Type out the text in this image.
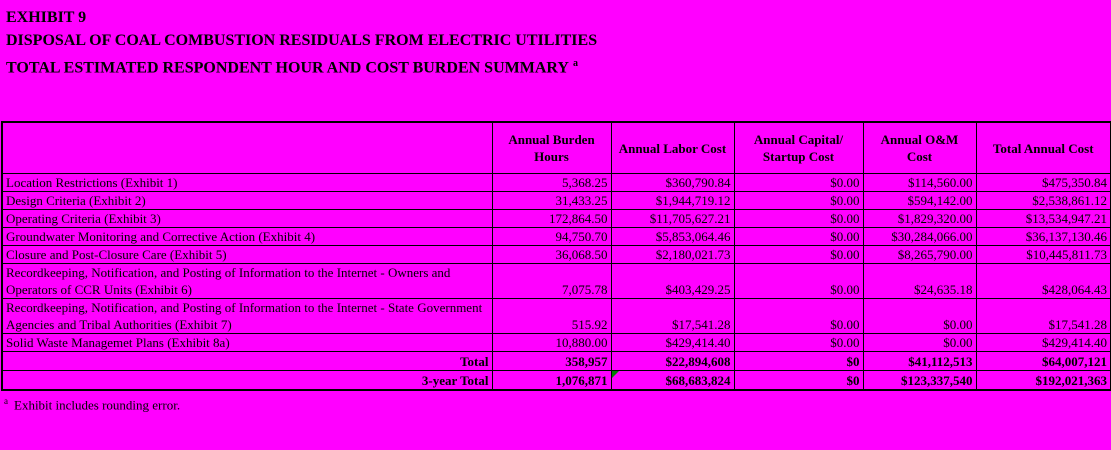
EXHIBIT 9
DISPOSAL OF COAL COMBUSTION RESIDUALS FROM ELECTRIC UTILITIES
TOTAL ESTIMATED RESPONDENT HOUR AND COST BURDEN SUMMARY $^a$
	Annual Burden Hours	Annual Labor Cost	Annual Capital/ Startup Cost	Annual O&M Cost	Total Annual Cost
Location Restrictions (Exhibit 1)	5,368.25	$360,790.84	$0.00	$114,560.00	$475,350.84
Design Criteria (Exhibit 2)	31,433.25	$1,944,719.12	$0.00	$594,142.00	$2,538,861.12
Operating Criteria (Exhibit 3)	172,864.50	$11,705,627.21	$0.00	$1,829,320.00	$13,534,947.21
Groundwater Monitoring and Corrective Action (Exhibit 4)	94,750.70	$5,853,064.46	$0.00	$30,284,066.00	$36,137,130.46
Closure and Post-Closure Care (Exhibit 5)	36,068.50	$2,180,021.73	$0.00	$8,265,790.00	$10,445,811.73
Recordkeeping, Notification, and Posting of Information to the Internet - Owners and Operators of CCR Units (Exhibit 6)	7,075.78	$403,429.25	$0.00	$24,635.18	$428,064.43
Recordkeeping, Notification, and Posting of Information to the Internet - State Government Agencies and Tribal Authorities (Exhibit 7)	515.92	$17,541.28	$0.00	$0.00	$17,541.28
Solid Waste Managemet Plans (Exhibit 8a)	10,880.00	$429,414.40	$0.00	$0.00	$429,414.40
Total	358,957	$22,894,608	$0	$41,112,513	$64,007,121
3-year Total	1,076,871	$68,683,824	$0	$123,337,540	$192,021,363
$^a$ Exhibit includes rounding error.
